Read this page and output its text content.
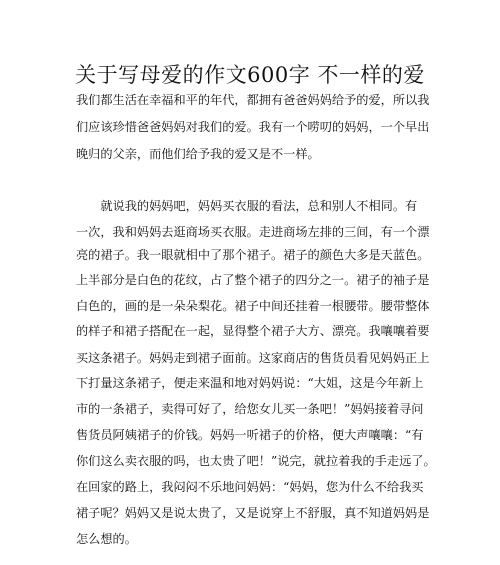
关于写母爱的作文600字 不一样的爱
我们都生活在幸福和平的年代，都拥有爸爸妈妈给予的爱，所以我
们应该珍惜爸爸妈妈对我们的爱。我有一个唠叨的妈妈，一个早出
晚归的父亲，而他们给予我的爱又是不一样。
　　就说我的妈妈吧，妈妈买衣服的看法，总和别人不相同。有
一次，我和妈妈去逛商场买衣服。走进商场左排的三间，有一个漂
亮的裙子。我一眼就相中了那个裙子。裙子的颜色大多是天蓝色。
上半部分是白色的花纹，占了整个裙子的四分之一。裙子的袖子是
白色的，画的是一朵朵梨花。裙子中间还挂着一根腰带。腰带整体
的样子和裙子搭配在一起，显得整个裙子大方、漂亮。我嚷嚷着要
买这条裙子。妈妈走到裙子面前。这家商店的售货员看见妈妈正上
下打量这条裙子，便走来温和地对妈妈说：“大姐，这是今年新上
市的一条裙子，卖得可好了，给您女儿买一条吧！”妈妈接着寻问
售货员阿姨裙子的价钱。妈妈一听裙子的价格，便大声嚷嚷：“有
你们这么卖衣服的吗，也太贵了吧！”说完，就拉着我的手走远了。
在回家的路上，我闷闷不乐地问妈妈：“妈妈，您为什么不给我买
裙子呢？妈妈又是说太贵了，又是说穿上不舒服，真不知道妈妈是
怎么想的。
